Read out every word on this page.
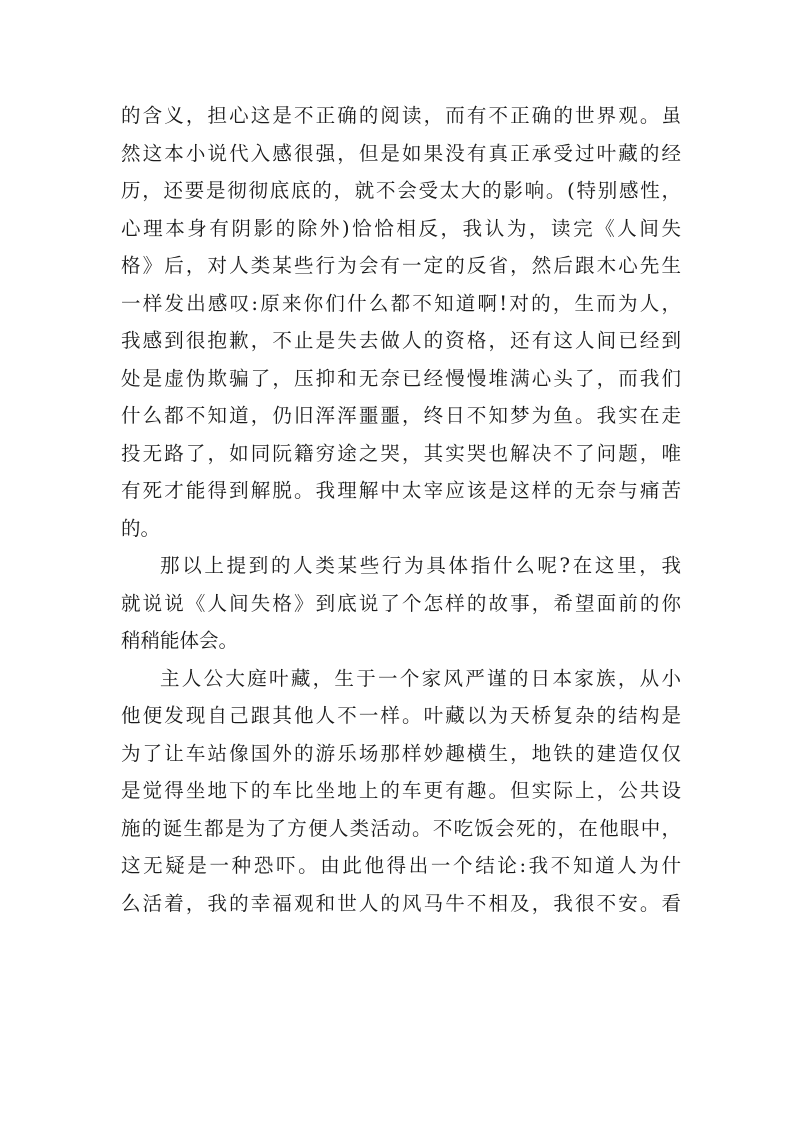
的含义，担心这是不正确的阅读，而有不正确的世界观。虽
然这本小说代入感很强，但是如果没有真正承受过叶藏的经
历，还要是彻彻底底的，就不会受太大的影响。(特别感性，
心理本身有阴影的除外)恰恰相反，我认为，读完《人间失
格》后，对人类某些行为会有一定的反省，然后跟木心先生
一样发出感叹:原来你们什么都不知道啊!对的，生而为人，
我感到很抱歉，不止是失去做人的资格，还有这人间已经到
处是虚伪欺骗了，压抑和无奈已经慢慢堆满心头了，而我们
什么都不知道，仍旧浑浑噩噩，终日不知梦为鱼。我实在走
投无路了，如同阮籍穷途之哭，其实哭也解决不了问题，唯
有死才能得到解脱。我理解中太宰应该是这样的无奈与痛苦
的。
那以上提到的人类某些行为具体指什么呢?在这里，我
就说说《人间失格》到底说了个怎样的故事，希望面前的你
稍稍能体会。
主人公大庭叶藏，生于一个家风严谨的日本家族，从小
他便发现自己跟其他人不一样。叶藏以为天桥复杂的结构是
为了让车站像国外的游乐场那样妙趣横生，地铁的建造仅仅
是觉得坐地下的车比坐地上的车更有趣。但实际上，公共设
施的诞生都是为了方便人类活动。不吃饭会死的，在他眼中，
这无疑是一种恐吓。由此他得出一个结论:我不知道人为什
么活着，我的幸福观和世人的风马牛不相及，我很不安。看
